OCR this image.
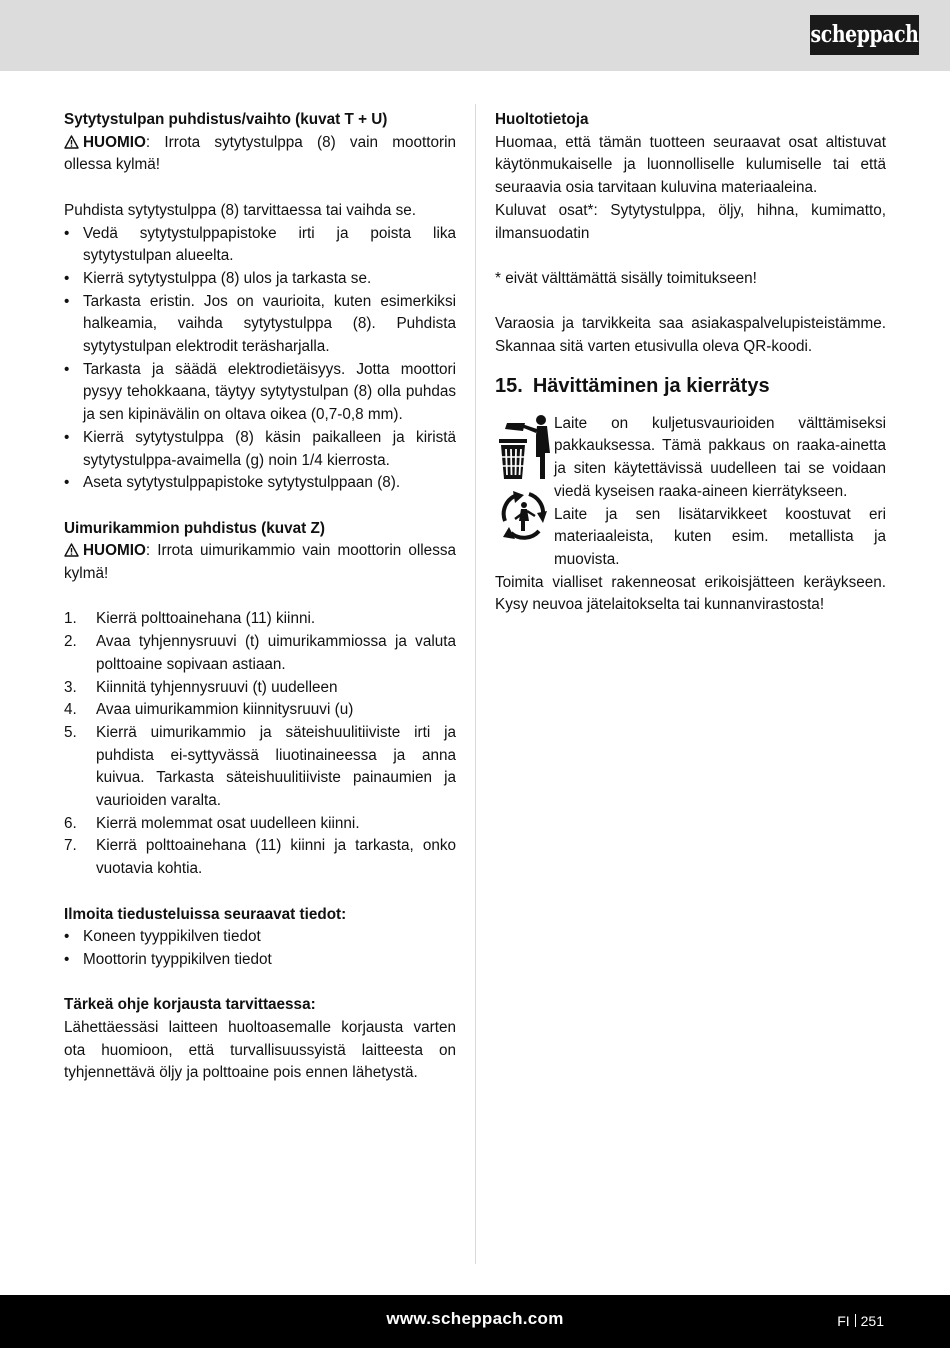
scheppach

Sytytystulpan puhdistus/vaihto (kuvat T + U)

HUOMIO: Irrota sytytystulppa (8) vain moottorin ollessa kylmä!

Puhdista sytytystulppa (8) tarvittaessa tai vaihda se.

• Vedä sytytystulppapistoke irti ja poista lika sytytystulpan alueelta.
• Kierrä sytytystulppa (8) ulos ja tarkasta se.
• Tarkasta eristin. Jos on vaurioita, kuten esimerkiksi halkeamia, vaihda sytytystulppa (8). Puhdista sytytystulpan elektrodit teräsharjalla.
• Tarkasta ja säädä elektrodietäisyys. Jotta moottori pysyy tehokkaana, täytyy sytytystulpan (8) olla puhdas ja sen kipinävälin on oltava oikea (0,7-0,8 mm).
• Kierrä sytytystulppa (8) käsin paikalleen ja kiristä sytytystulppa-avaimella (g) noin 1/4 kierrosta.
• Aseta sytytystulppapistoke sytytystulppaan (8).

Uimurikammion puhdistus (kuvat Z)

HUOMIO: Irrota uimurikammio vain moottorin ollessa kylmä!

1. Kierrä polttoainehana (11) kiinni.
2. Avaa tyhjennysruuvi (t) uimurikammiossa ja valuta polttoaine sopivaan astiaan.
3. Kiinnitä tyhjennysruuvi (t) uudelleen
4. Avaa uimurikammion kiinnitysruuvi (u)
5. Kierrä uimurikammio ja säteishuulitiiviste irti ja puhdista ei-syttyvässä liuotinaineessa ja anna kuivua. Tarkasta säteishuulitiiviste painaumien ja vaurioiden varalta.
6. Kierrä molemmat osat uudelleen kiinni.
7. Kierrä polttoainehana (11) kiinni ja tarkasta, onko vuotavia kohtia.

Ilmoita tiedusteluissa seuraavat tiedot:

• Koneen tyyppikilven tiedot
• Moottorin tyyppikilven tiedot

Tärkeä ohje korjausta tarvittaessa:

Lähettäessäsi laitteen huoltoasemalle korjausta varten ota huomioon, että turvallisuussyistä laitteesta on tyhjennettävä öljy ja polttoaine pois ennen lähetystä.

Huoltotietoja

Huomaa, että tämän tuotteen seuraavat osat altistuvat käytönmukaiselle ja luonnolliselle kulumiselle tai että seuraavia osia tarvitaan kuluvina materiaaleina.

Kuluvat osat*: Sytytystulppa, öljy, hihna, kumimatto, ilmansuodatin

* eivät välttämättä sisälly toimitukseen!

Varaosia ja tarvikkeita saa asiakaspalvelupisteistämme. Skannaa sitä varten etusivulla oleva QR-koodi.

15. Hävittäminen ja kierrätys

Laite on kuljetusvaurioiden välttämiseksi pakkauksessa. Tämä pakkaus on raaka-ainetta ja siten käytettävissä uudelleen tai se voidaan viedä kyseisen raaka-aineen kierrätykseen.

Laite ja sen lisätarvikkeet koostuvat eri materiaaleista, kuten esim. metallista ja muovista.

Toimita vialliset rakenneosat erikoisjätteen keräykseen. Kysy neuvoa jätelaitokselta tai kunnanvirastosta!

www.scheppach.com	FI 251
